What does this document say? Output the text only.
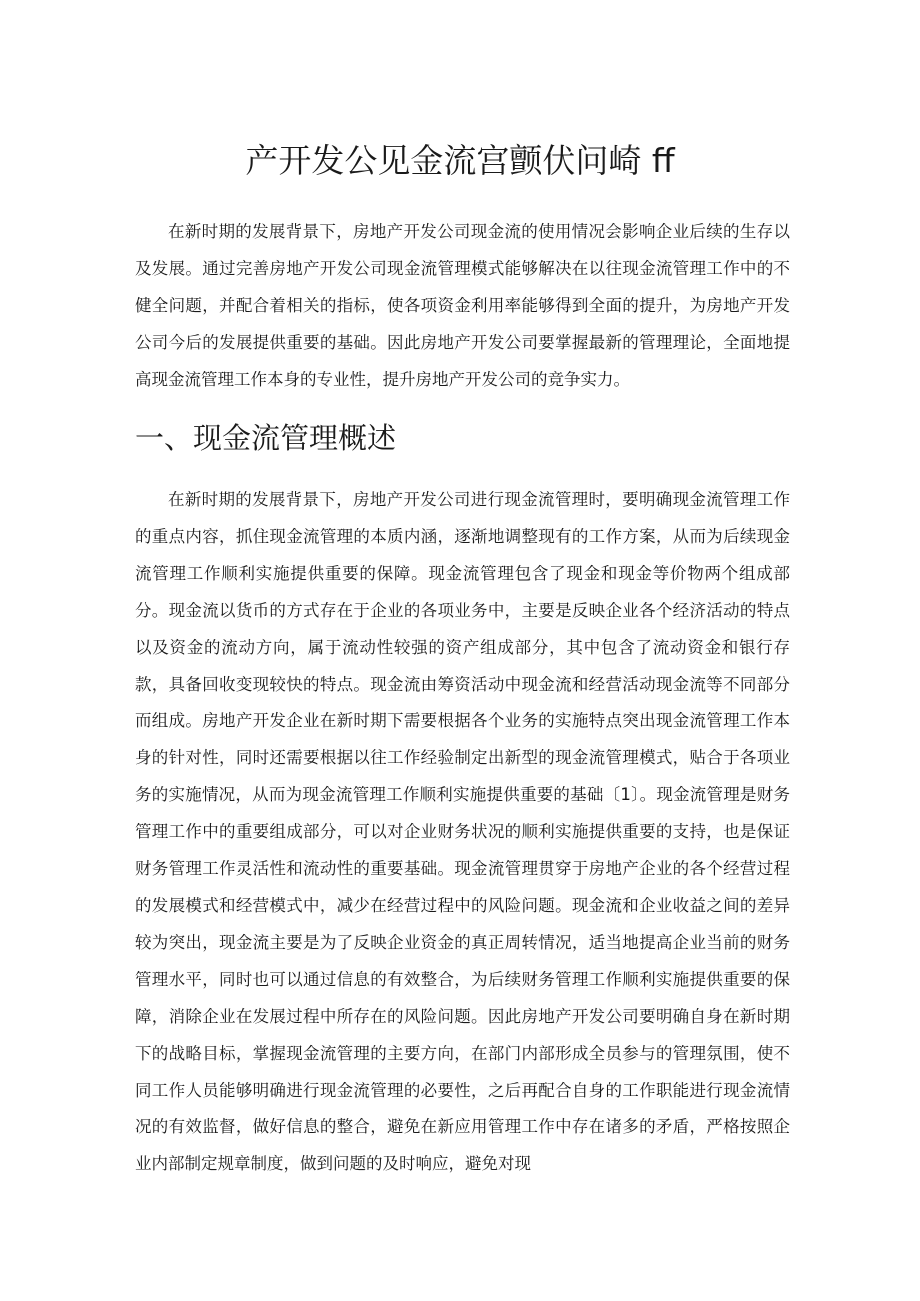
产开发公见金流宫颤伏问崎 ff

在新时期的发展背景下，房地产开发公司现金流的使用情况会影响企业后续的生存以及发展。通过完善房地产开发公司现金流管理模式能够解决在以往现金流管理工作中的不健全问题，并配合着相关的指标，使各项资金利用率能够得到全面的提升，为房地产开发公司今后的发展提供重要的基础。因此房地产开发公司要掌握最新的管理理论，全面地提高现金流管理工作本身的专业性，提升房地产开发公司的竞争实力。

一、现金流管理概述

在新时期的发展背景下，房地产开发公司进行现金流管理时，要明确现金流管理工作的重点内容，抓住现金流管理的本质内涵，逐渐地调整现有的工作方案，从而为后续现金流管理工作顺利实施提供重要的保障。现金流管理包含了现金和现金等价物两个组成部分。现金流以货币的方式存在于企业的各项业务中，主要是反映企业各个经济活动的特点以及资金的流动方向，属于流动性较强的资产组成部分，其中包含了流动资金和银行存款，具备回收变现较快的特点。现金流由筹资活动中现金流和经营活动现金流等不同部分而组成。房地产开发企业在新时期下需要根据各个业务的实施特点突出现金流管理工作本身的针对性，同时还需要根据以往工作经验制定出新型的现金流管理模式，贴合于各项业务的实施情况，从而为现金流管理工作顺利实施提供重要的基础〔1〕。现金流管理是财务管理工作中的重要组成部分，可以对企业财务状况的顺利实施提供重要的支持，也是保证财务管理工作灵活性和流动性的重要基础。现金流管理贯穿于房地产企业的各个经营过程的发展模式和经营模式中，减少在经营过程中的风险问题。现金流和企业收益之间的差异较为突出，现金流主要是为了反映企业资金的真正周转情况，适当地提高企业当前的财务管理水平，同时也可以通过信息的有效整合，为后续财务管理工作顺利实施提供重要的保障，消除企业在发展过程中所存在的风险问题。因此房地产开发公司要明确自身在新时期下的战略目标，掌握现金流管理的主要方向，在部门内部形成全员参与的管理氛围，使不同工作人员能够明确进行现金流管理的必要性，之后再配合自身的工作职能进行现金流情况的有效监督，做好信息的整合，避免在新应用管理工作中存在诸多的矛盾，严格按照企业内部制定规章制度，做到问题的及时响应，避免对现
